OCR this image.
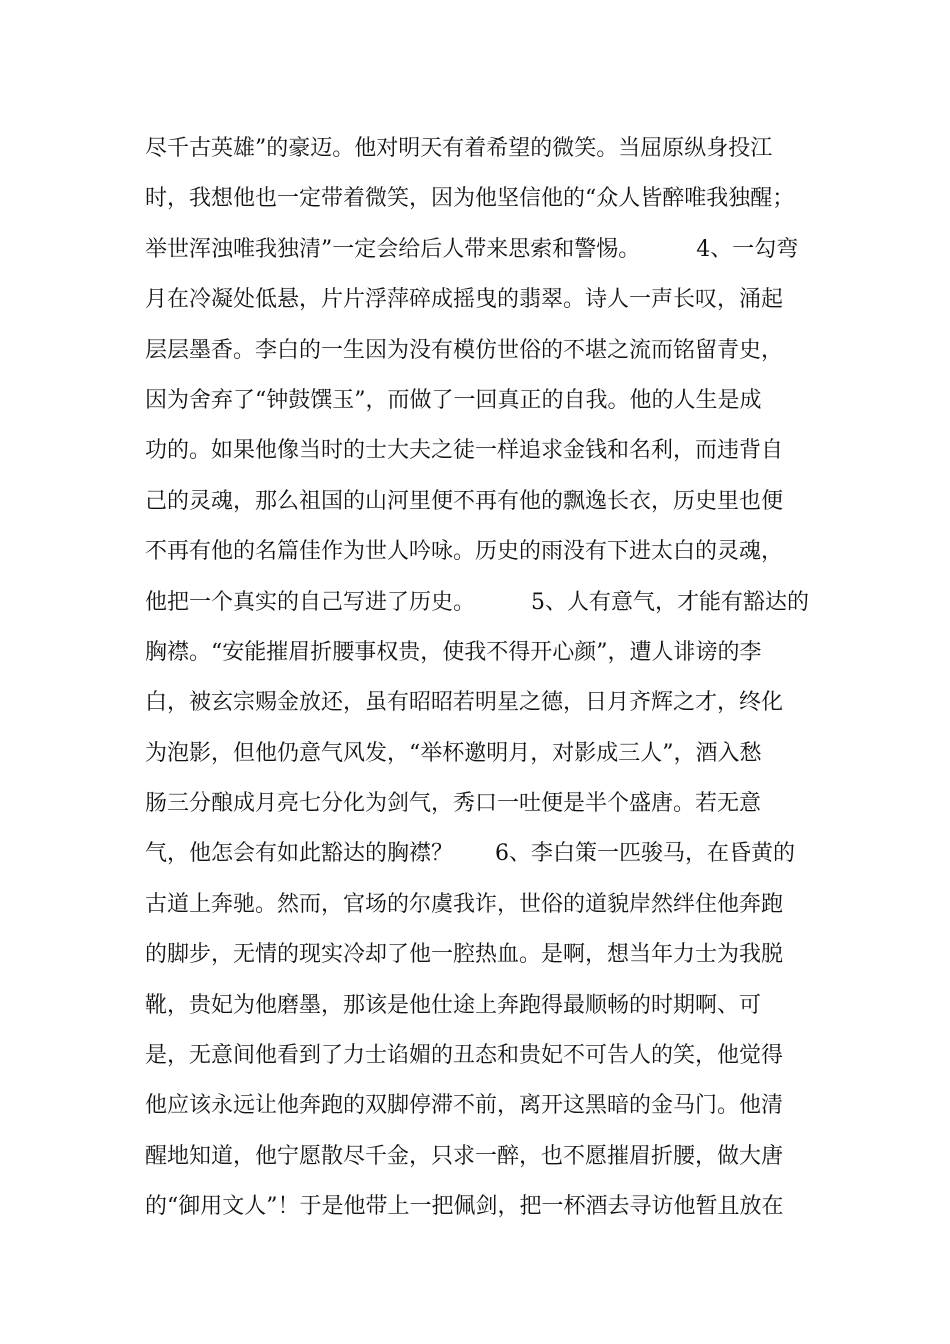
尽千古英雄”的豪迈。他对明天有着希望的微笑。当屈原纵身投江
时，我想他也一定带着微笑，因为他坚信他的“众人皆醉唯我独醒；
举世浑浊唯我独清”一定会给后人带来思索和警惕。        4、一勾弯
月在冷凝处低悬，片片浮萍碎成摇曳的翡翠。诗人一声长叹，涌起
层层墨香。李白的一生因为没有模仿世俗的不堪之流而铭留青史，
因为舍弃了“钟鼓馔玉”，而做了一回真正的自我。他的人生是成
功的。如果他像当时的士大夫之徒一样追求金钱和名利，而违背自
己的灵魂，那么祖国的山河里便不再有他的飘逸长衣，历史里也便
不再有他的名篇佳作为世人吟咏。历史的雨没有下进太白的灵魂，
他把一个真实的自己写进了历史。        5、人有意气，才能有豁达的
胸襟。“安能摧眉折腰事权贵，使我不得开心颜”，遭人诽谤的李
白，被玄宗赐金放还，虽有昭昭若明星之德，日月齐辉之才，终化
为泡影，但他仍意气风发，“举杯邀明月，对影成三人”，酒入愁
肠三分酿成月亮七分化为剑气，秀口一吐便是半个盛唐。若无意
气，他怎会有如此豁达的胸襟？      6、李白策一匹骏马，在昏黄的
古道上奔驰。然而，官场的尔虞我诈，世俗的道貌岸然绊住他奔跑
的脚步，无情的现实冷却了他一腔热血。是啊，想当年力士为我脱
靴，贵妃为他磨墨，那该是他仕途上奔跑得最顺畅的时期啊、可
是，无意间他看到了力士谄媚的丑态和贵妃不可告人的笑，他觉得
他应该永远让他奔跑的双脚停滞不前，离开这黑暗的金马门。他清
醒地知道，他宁愿散尽千金，只求一醉，也不愿摧眉折腰，做大唐
的“御用文人”！于是他带上一把佩剑，把一杯酒去寻访他暂且放在
